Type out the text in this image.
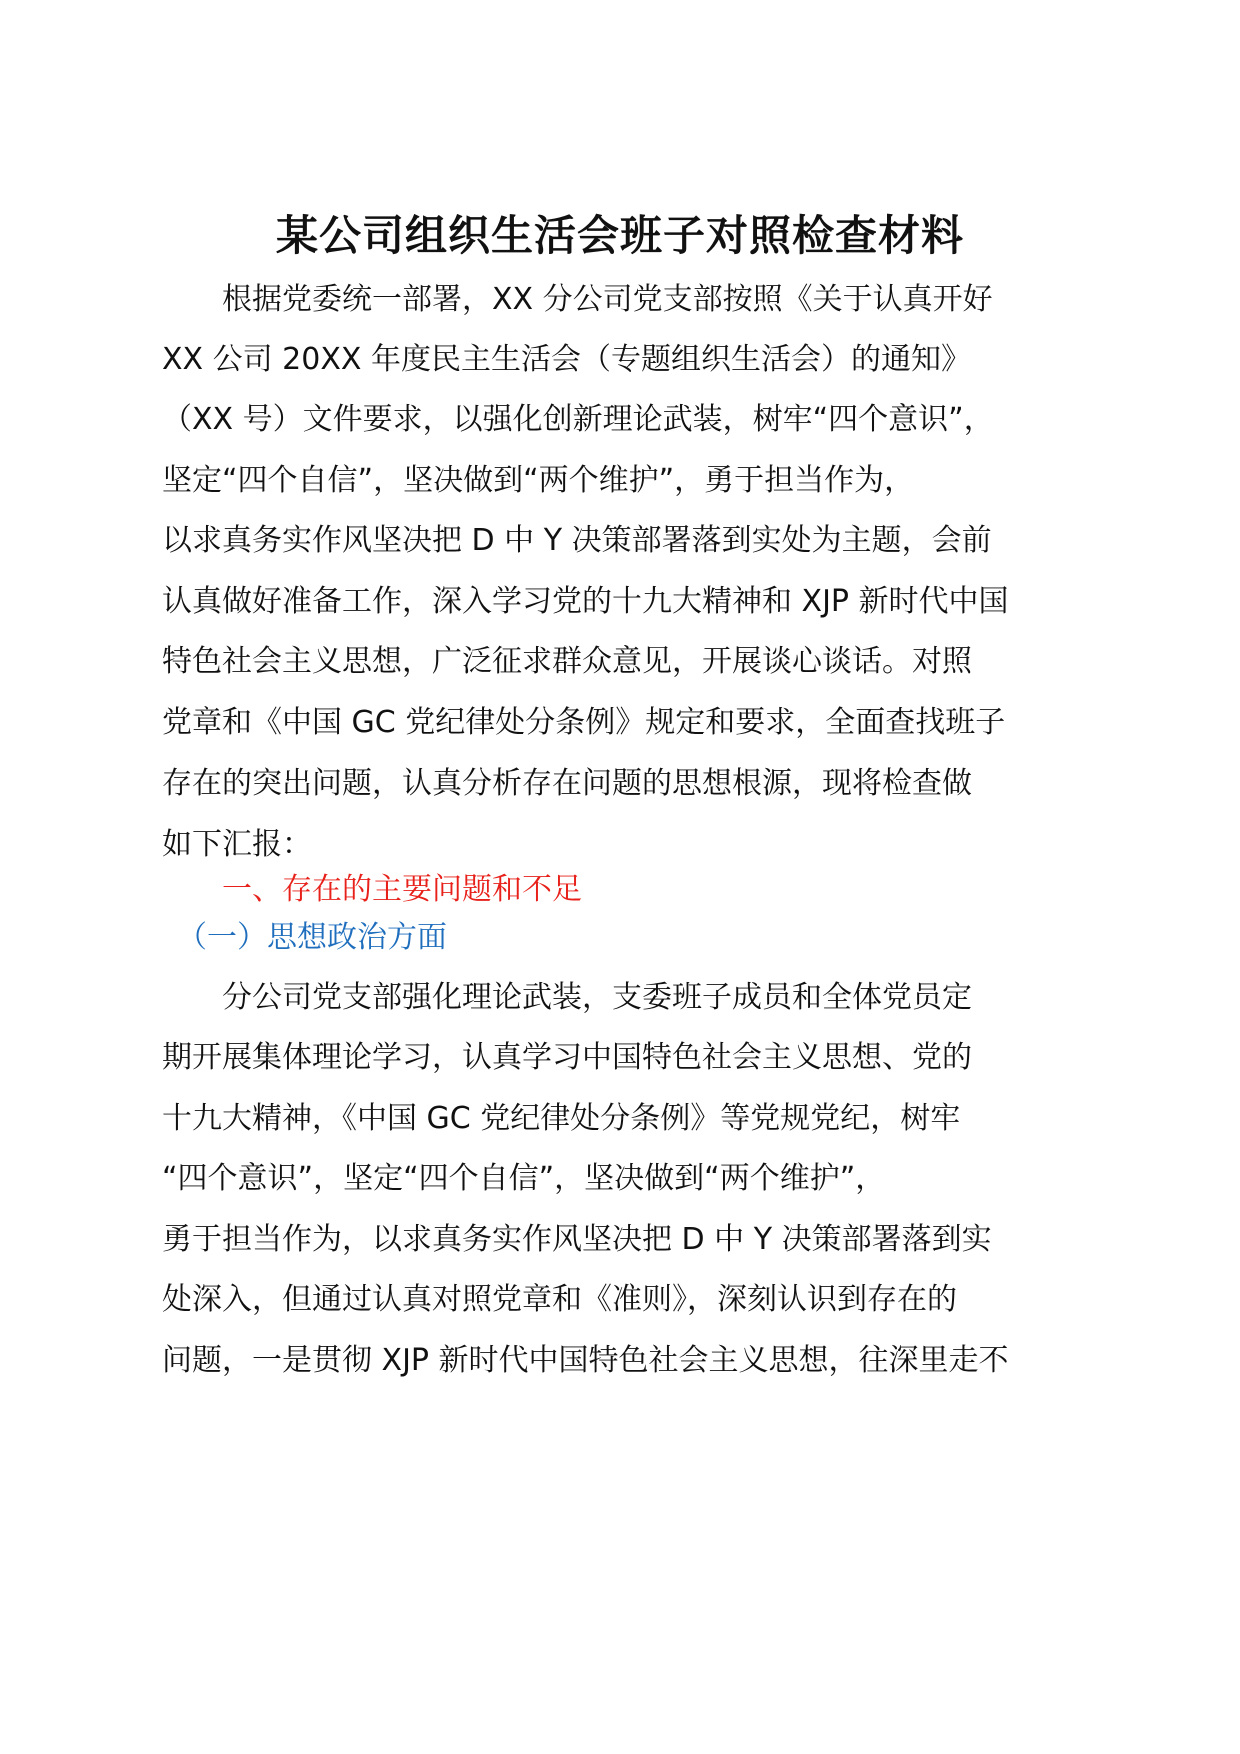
某公司组织生活会班子对照检查材料
　　根据党委统一部署，XX 分公司党支部按照《关于认真开好
XX 公司 20XX 年度民主生活会（专题组织生活会）的通知》
（XX 号）文件要求，以强化创新理论武装，树牢“四个意识”，
坚定“四个自信”，坚决做到“两个维护”，勇于担当作为，
以求真务实作风坚决把 D 中 Y 决策部署落到实处为主题，会前
认真做好准备工作，深入学习党的十九大精神和 XJP 新时代中国
特色社会主义思想，广泛征求群众意见，开展谈心谈话。对照
党章和《中国 GC 党纪律处分条例》规定和要求，全面查找班子
存在的突出问题，认真分析存在问题的思想根源，现将检查做
如下汇报：
　　一、存在的主要问题和不足
　（一）思想政治方面
　　分公司党支部强化理论武装，支委班子成员和全体党员定
期开展集体理论学习，认真学习中国特色社会主义思想、党的
十九大精神，《中国 GC 党纪律处分条例》等党规党纪，树牢
“四个意识”，坚定“四个自信”，坚决做到“两个维护”，
勇于担当作为，以求真务实作风坚决把 D 中 Y 决策部署落到实
处深入，但通过认真对照党章和《准则》，深刻认识到存在的
问题，一是贯彻 XJP 新时代中国特色社会主义思想，往深里走不
